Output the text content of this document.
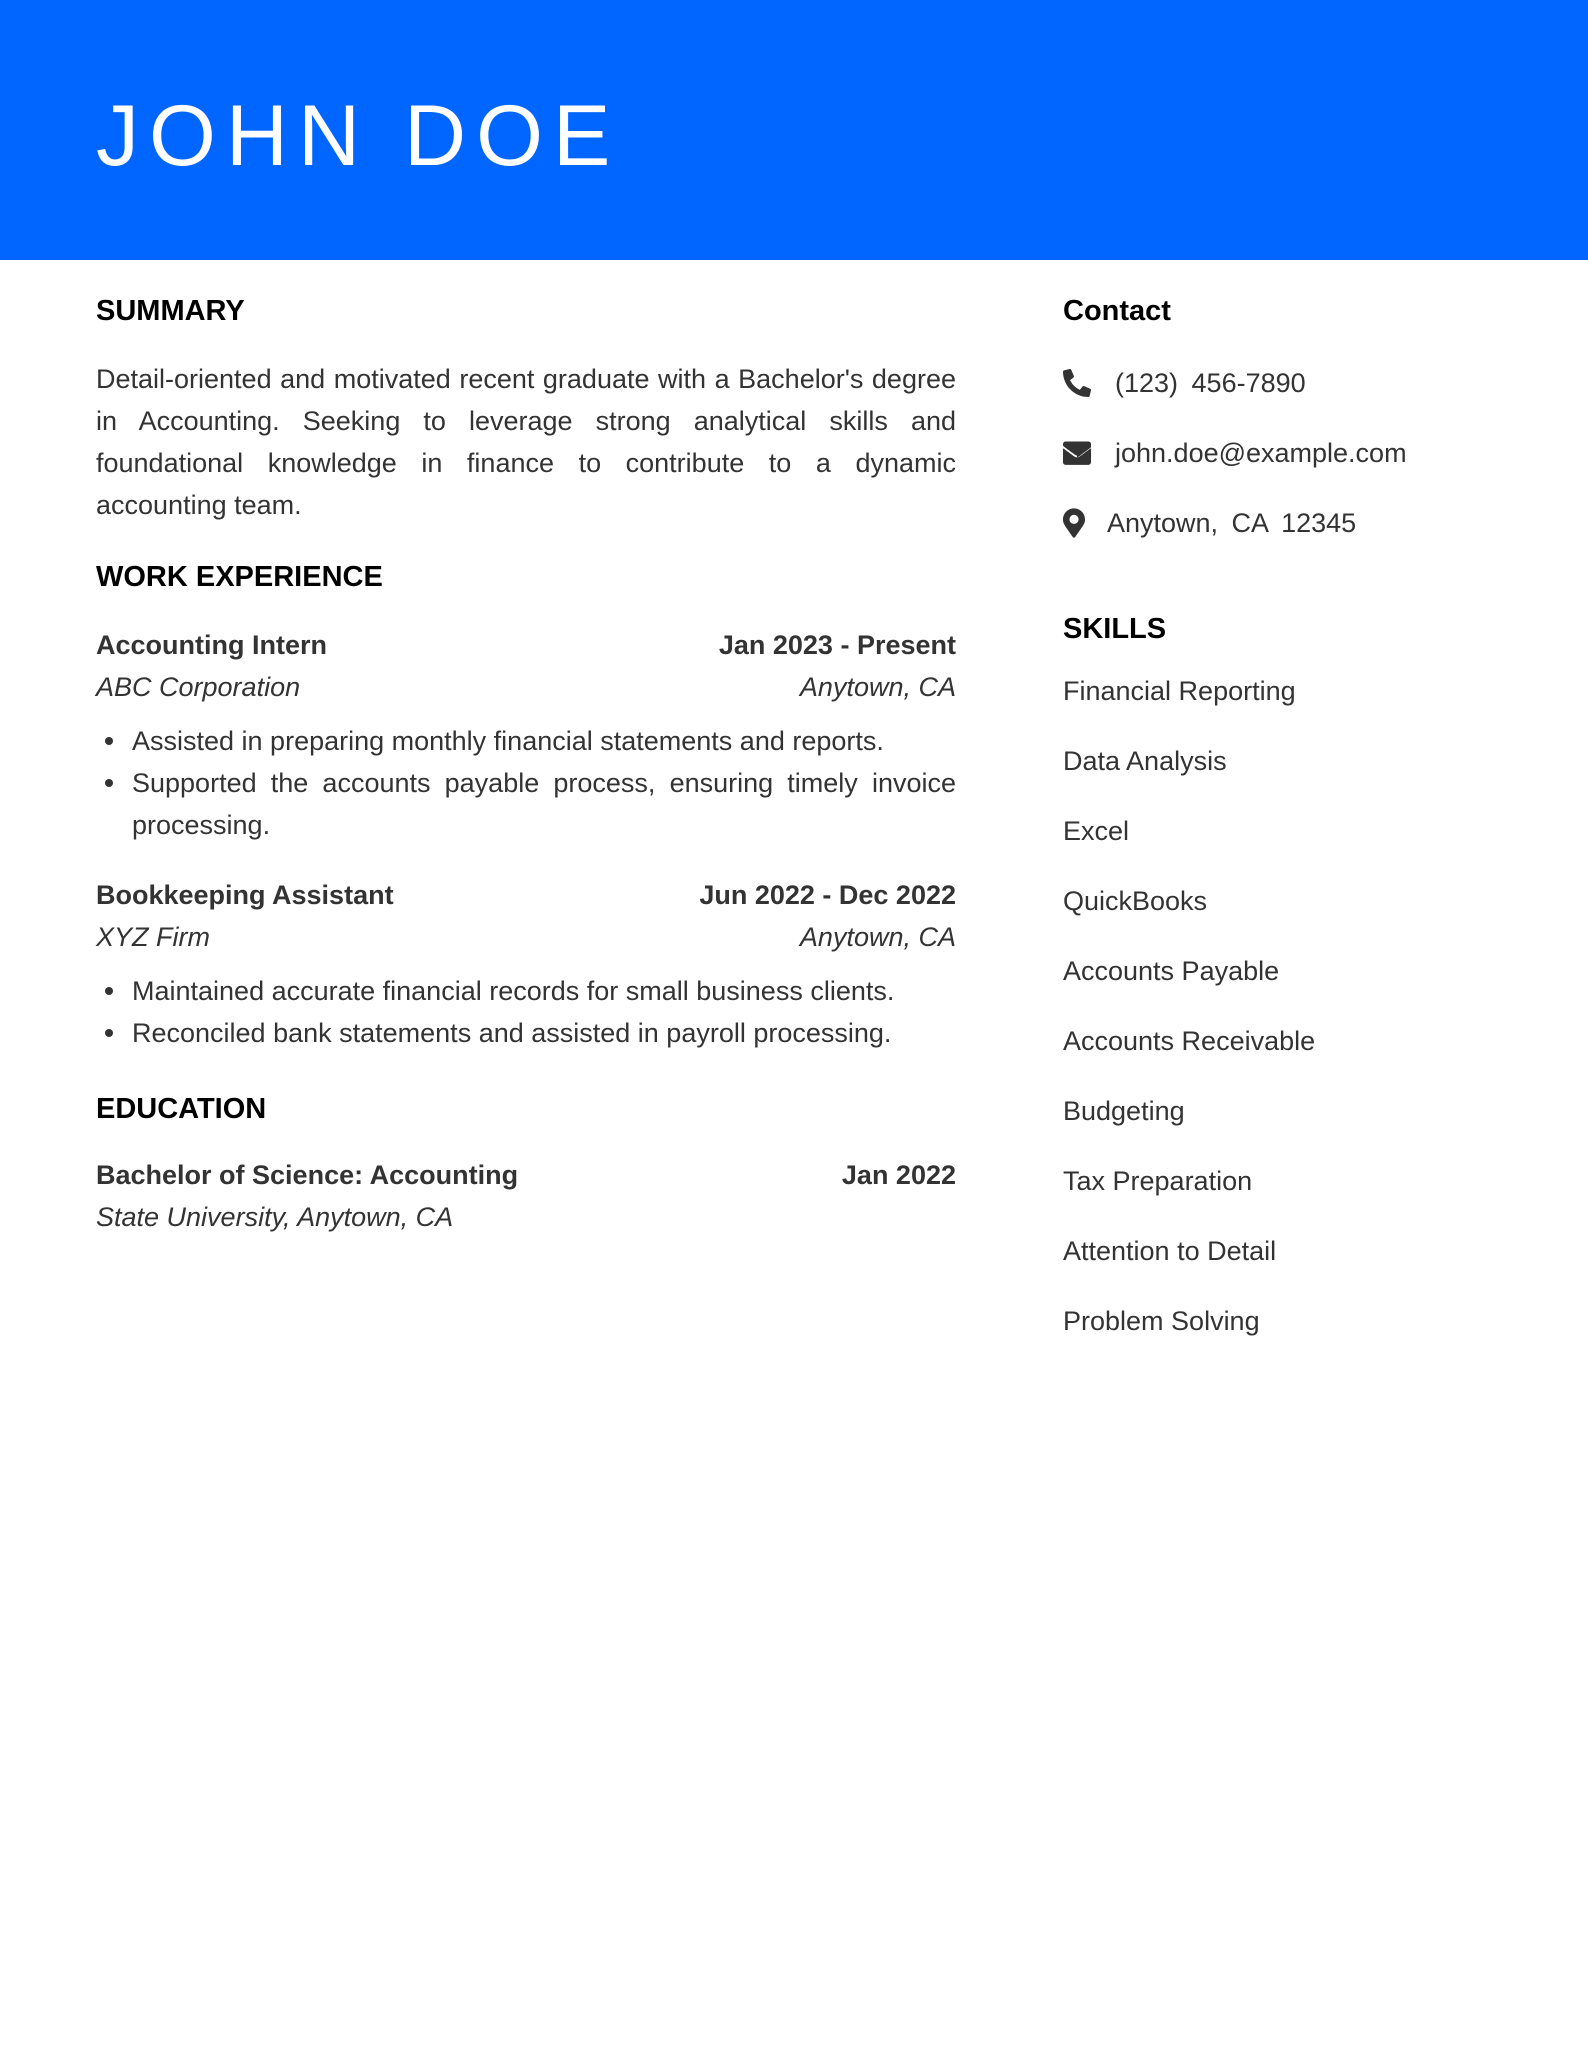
JOHN DOE
SUMMARY

Detail-oriented and motivated recent graduate with a Bachelor's degree in Accounting. Seeking to leverage strong analytical skills and foundational knowledge in finance to contribute to a dynamic accounting team.

WORK EXPERIENCE
Accounting Intern	Jan 2023 - Present
ABC Corporation	Anytown, CA
Assisted in preparing monthly financial statements and reports.
Supported the accounts payable process, ensuring timely invoice processing.
Bookkeeping Assistant	Jun 2022 - Dec 2022
XYZ Firm	Anytown, CA
Maintained accurate financial records for small business clients.
Reconciled bank statements and assisted in payroll processing.
EDUCATION
Bachelor of Science: Accounting	Jan 2022
State University, Anytown, CA
Contact
(123) 456-7890
john.doe@example.com
Anytown, CA 12345
SKILLS
Financial Reporting
Data Analysis
Excel
QuickBooks
Accounts Payable
Accounts Receivable
Budgeting
Tax Preparation
Attention to Detail
Problem Solving
